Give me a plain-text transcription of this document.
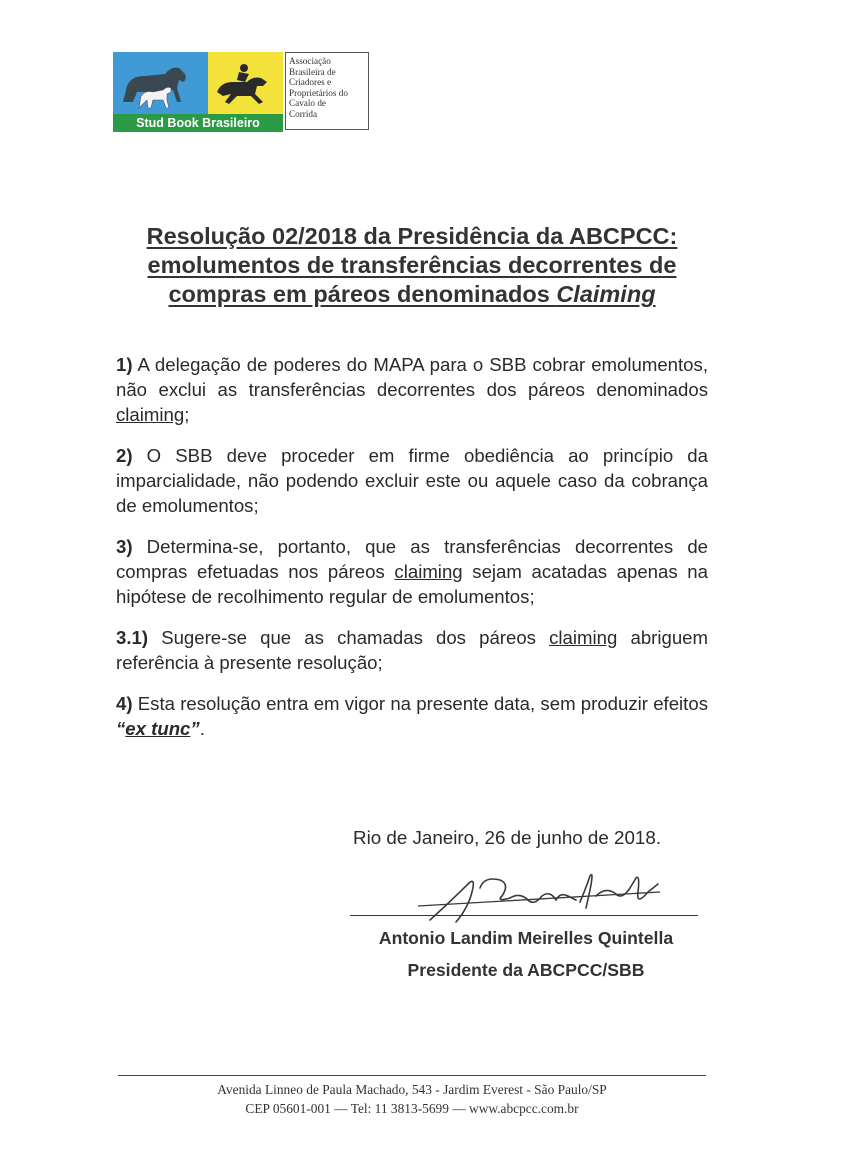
Stud Book Brasileiro
Associação
Brasileira de
Criadores e
Proprietários do
Cavalo de
Corrida
Resolução 02/2018 da Presidência da ABCPCC:
emolumentos de transferências decorrentes de
compras em páreos denominados Claiming

1) A delegação de poderes do MAPA para o SBB cobrar emolumentos, não exclui as transferências decorrentes dos páreos denominados claiming;

2) O SBB deve proceder em firme obediência ao princípio da imparcialidade, não podendo excluir este ou aquele caso da cobrança de emolumentos;

3) Determina-se, portanto, que as transferências decorrentes de compras efetuadas nos páreos claiming sejam acatadas apenas na hipótese de recolhimento regular de emolumentos;

3.1) Sugere-se que as chamadas dos páreos claiming abriguem referência à presente resolução;

4) Esta resolução entra em vigor na presente data, sem produzir efeitos “ex tunc”.

Rio de Janeiro, 26 de junho de 2018.
Antonio Landim Meirelles Quintella
Presidente da ABCPCC/SBB
Avenida Linneo de Paula Machado, 543 - Jardim Everest - São Paulo/SP
CEP 05601-001 — Tel: 11 3813-5699 — www.abcpcc.com.br
